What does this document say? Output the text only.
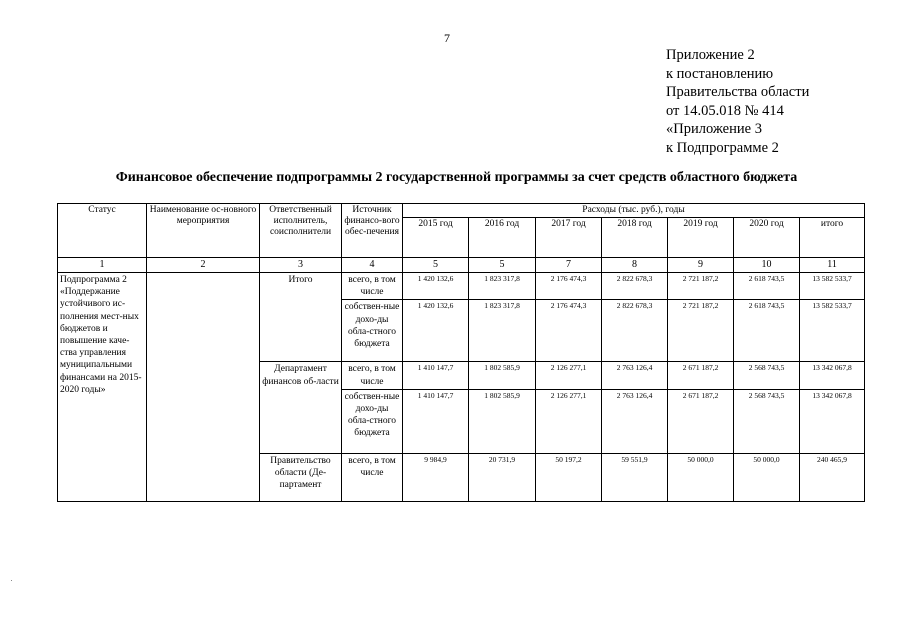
7
Приложение 2
к постановлению
Правительства области
от 14.05.018 № 414
«Приложение 3
к Подпрограмме 2
Финансовое обеспечение подпрограммы 2 государственной программы за счет средств областного бюджета
Статус	Наименование ос-новного мероприятия	Ответственный исполнитель, соисполнители	Источник финансо-вого обес-печения	Расходы (тыс. руб.), годы						
				2015 год	2016 год	2017 год	2018 год	2019 год	2020 год	итого
1	2	3	4	5	5	7	8	9	10	11
Подпрограмма 2 «Поддержание устойчивого ис-полнения мест-ных бюджетов и повышение каче-ства управления муниципальными финансами на 2015-2020 годы»		Итого	всего, в том числе	1 420 132,6	1 823 317,8	2 176 474,3	2 822 678,3	2 721 187,2	2 618 743,5	13 582 533,7
			собствен-ные дохо-ды обла-стного бюджета	1 420 132,6	1 823 317,8	2 176 474,3	2 822 678,3	2 721 187,2	2 618 743,5	13 582 533,7
		Департамент финансов об-ласти	всего, в том числе	1 410 147,7	1 802 585,9	2 126 277,1	2 763 126,4	2 671 187,2	2 568 743,5	13 342 067,8
			собствен-ные дохо-ды обла-стного бюджета	1 410 147,7	1 802 585,9	2 126 277,1	2 763 126,4	2 671 187,2	2 568 743,5	13 342 067,8
		Правительство области (Де-партамент	всего, в том числе	9 984,9	20 731,9	50 197,2	59 551,9	50 000,0	50 000,0	240 465,9
